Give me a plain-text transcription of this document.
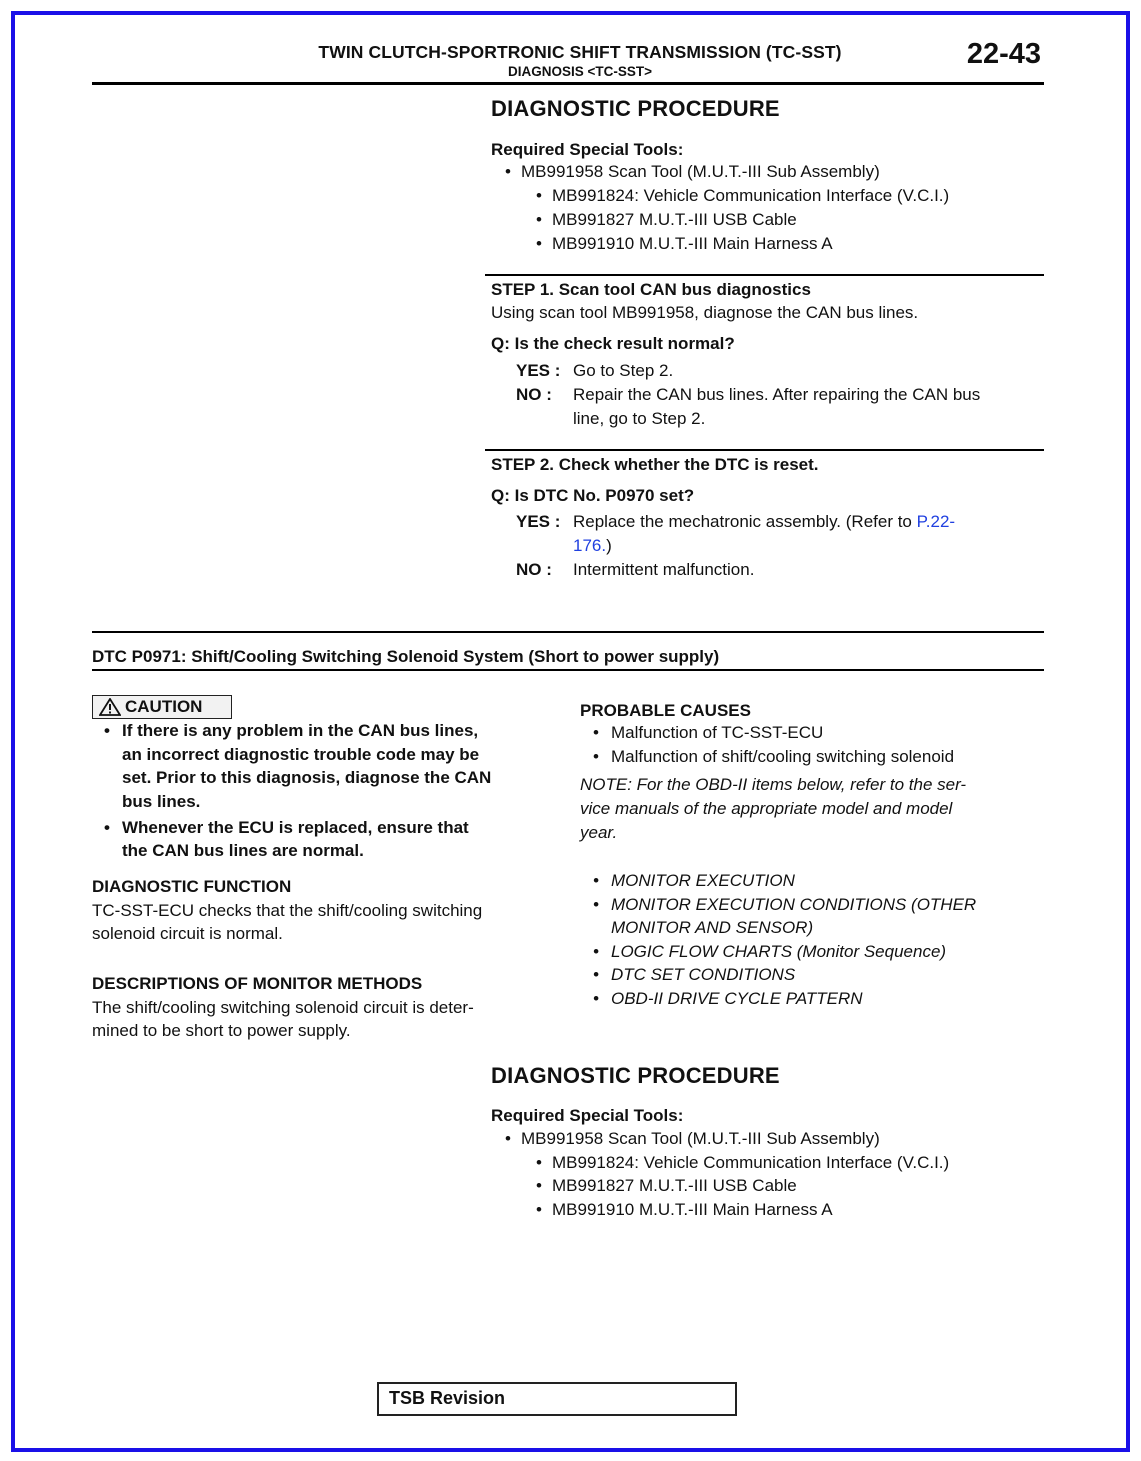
TWIN CLUTCH-SPORTRONIC SHIFT TRANSMISSION (TC-SST)
DIAGNOSIS <TC-SST>
22-43
DIAGNOSTIC PROCEDURE
Required Special Tools:
• MB991958 Scan Tool (M.U.T.-III Sub Assembly)
• MB991824: Vehicle Communication Interface (V.C.I.)
• MB991827 M.U.T.-III USB Cable
• MB991910 M.U.T.-III Main Harness A
STEP 1. Scan tool CAN bus diagnostics
Using scan tool MB991958, diagnose the CAN bus lines.
Q: Is the check result normal?
YES : Go to Step 2.
NO : Repair the CAN bus lines. After repairing the CAN bus
line, go to Step 2.
STEP 2. Check whether the DTC is reset.
Q: Is DTC No. P0970 set?
YES : Replace the mechatronic assembly. (Refer to P.22-
176.)
NO : Intermittent malfunction.
DTC P0971: Shift/Cooling Switching Solenoid System (Short to power supply)
CAUTION
• If there is any problem in the CAN bus lines,
an incorrect diagnostic trouble code may be
set. Prior to this diagnosis, diagnose the CAN
bus lines.
• Whenever the ECU is replaced, ensure that
the CAN bus lines are normal.
DIAGNOSTIC FUNCTION
TC-SST-ECU checks that the shift/cooling switching
solenoid circuit is normal.
DESCRIPTIONS OF MONITOR METHODS
The shift/cooling switching solenoid circuit is deter-
mined to be short to power supply.
PROBABLE CAUSES
• Malfunction of TC-SST-ECU
• Malfunction of shift/cooling switching solenoid
NOTE: For the OBD-II items below, refer to the ser-
vice manuals of the appropriate model and model
year.
• MONITOR EXECUTION
• MONITOR EXECUTION CONDITIONS (OTHER
MONITOR AND SENSOR)
• LOGIC FLOW CHARTS (Monitor Sequence)
• DTC SET CONDITIONS
• OBD-II DRIVE CYCLE PATTERN
DIAGNOSTIC PROCEDURE
Required Special Tools:
• MB991958 Scan Tool (M.U.T.-III Sub Assembly)
• MB991824: Vehicle Communication Interface (V.C.I.)
• MB991827 M.U.T.-III USB Cable
• MB991910 M.U.T.-III Main Harness A
TSB Revision
